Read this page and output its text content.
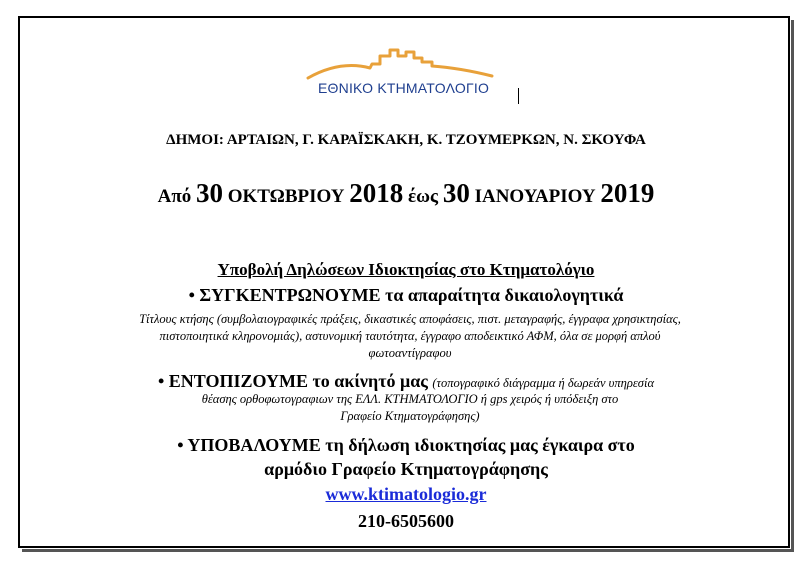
ΕΘΝΙΚΟ ΚΤΗΜΑΤΟΛΟΓΙΟ
ΔΗΜΟΙ: ΑΡΤΑΙΩΝ, Γ. ΚΑΡΑΪΣΚΑΚΗ, Κ. ΤΖΟΥΜΕΡΚΩΝ, Ν. ΣΚΟΥΦΑ
Από 30 ΟΚΤΩΒΡΙΟΥ 2018 έως 30 ΙΑΝΟΥΑΡΙΟΥ 2019
Υποβολή Δηλώσεων Ιδιοκτησίας στο Κτηματολόγιο
• ΣΥΓΚΕΝΤΡΩΝΟΥΜΕ τα απαραίτητα δικαιολογητικά
Τίτλους κτήσης (συμβολαιογραφικές πράξεις, δικαστικές αποφάσεις, πιστ. μεταγραφής, έγγραφα χρησικτησίας, πιστοποιητικά κληρονομιάς), αστυνομική ταυτότητα, έγγραφο αποδεικτικό ΑΦΜ, όλα σε μορφή απλού φωτοαντίγραφου
• ΕΝΤΟΠΙΖΟΥΜΕ το ακίνητό μας (τοπογραφικό διάγραμμα ή δωρεάν υπηρεσία
θέασης ορθοφωτογραφιων της ΕΛΛ. ΚΤΗΜΑΤΟΛΟΓΙΟ ή gps χειρός ή υπόδειξη στο Γραφείο Κτηματογράφησης)
• ΥΠΟΒΑΛΟΥΜΕ τη δήλωση ιδιοκτησίας μας έγκαιρα στο
αρμόδιο Γραφείο Κτηματογράφησης
www.ktimatologio.gr
210-6505600
